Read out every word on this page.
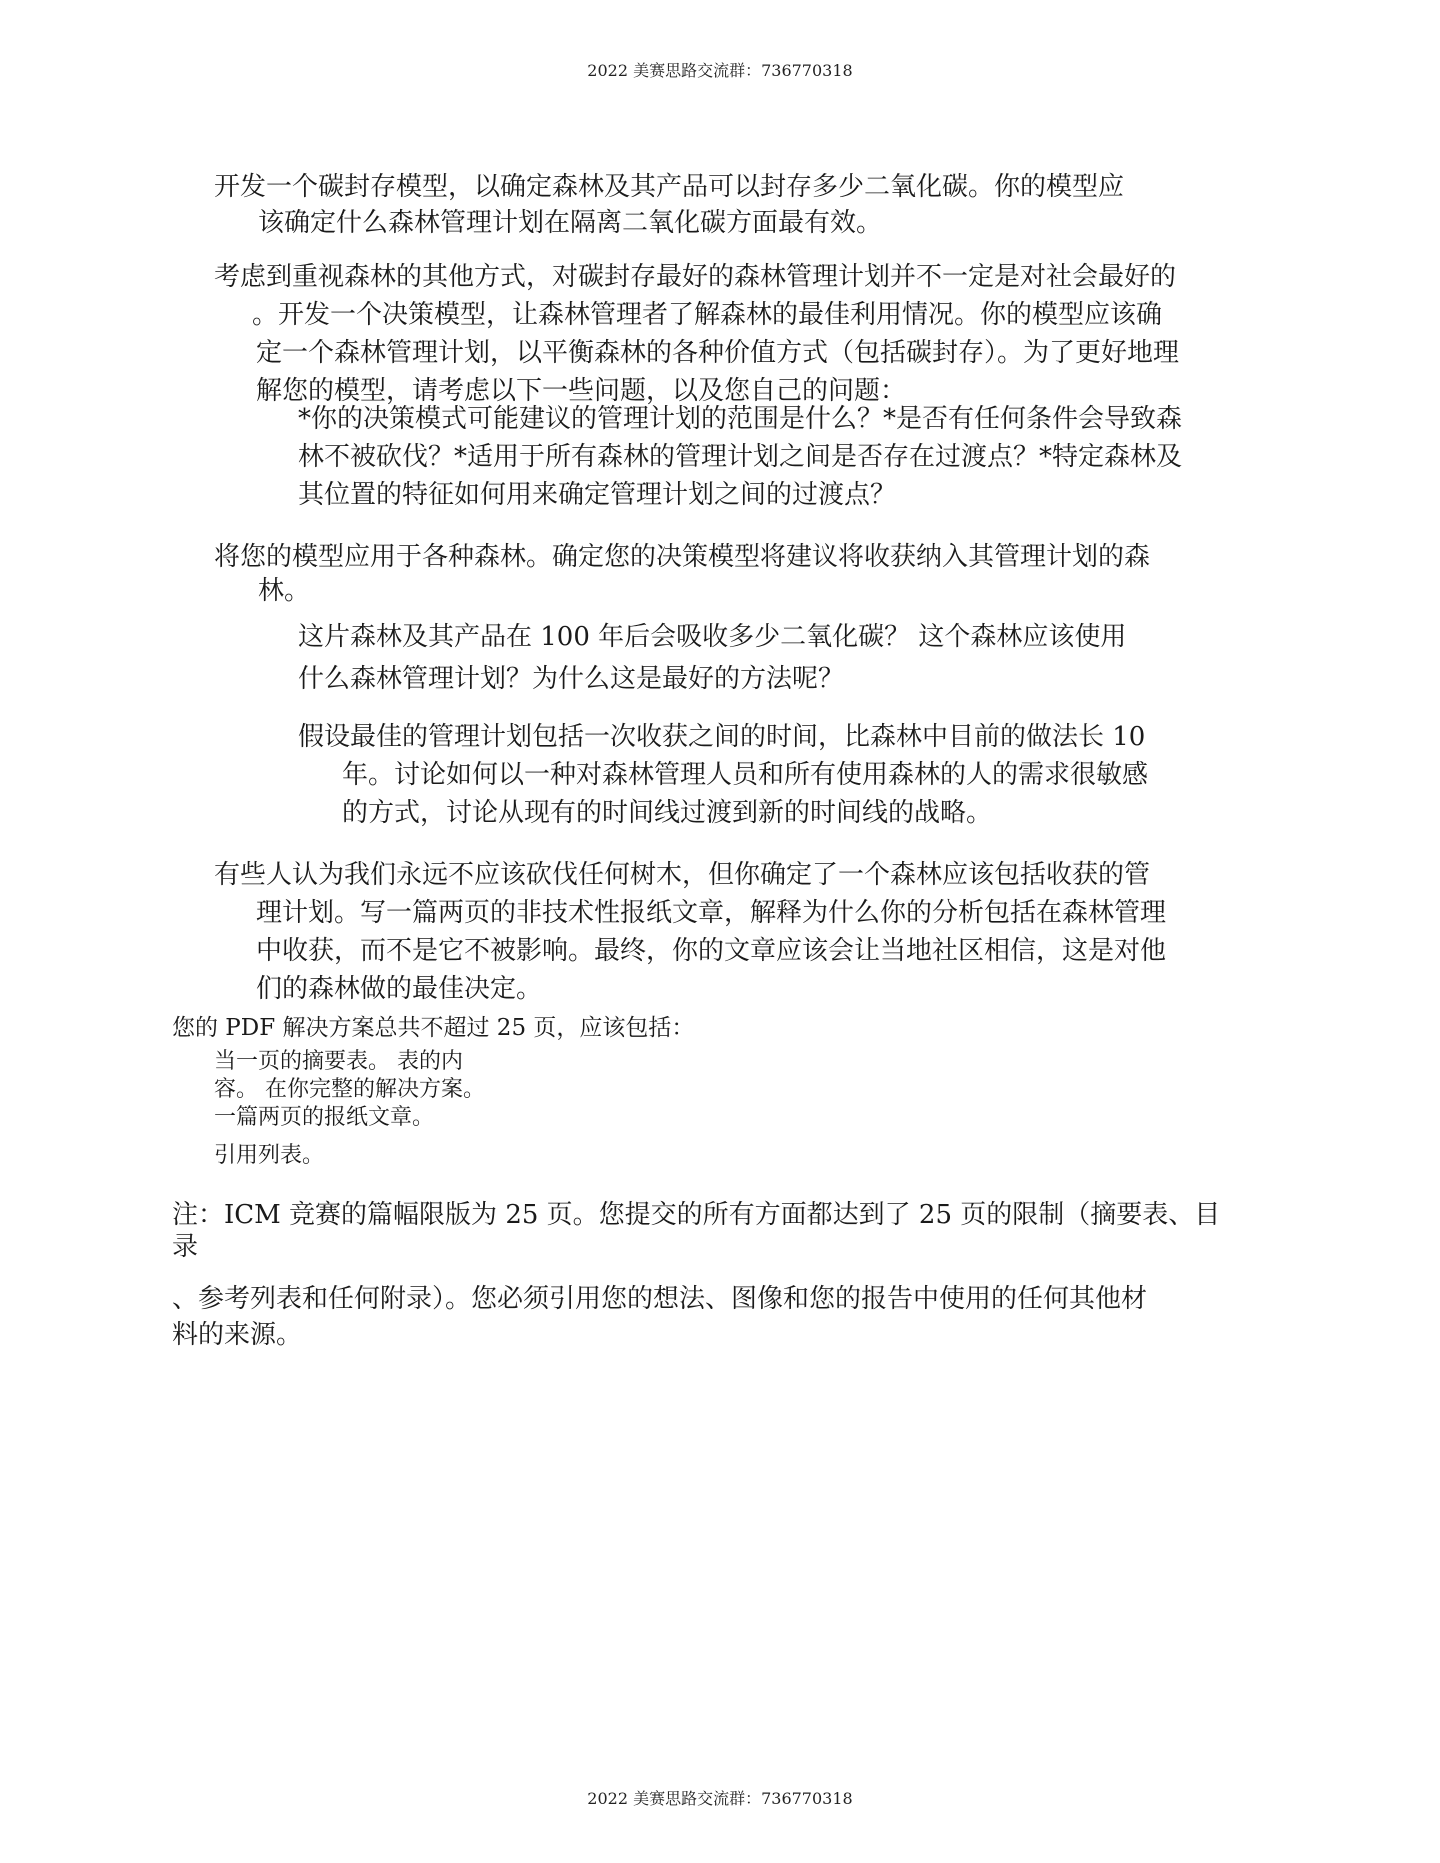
2022 美赛思路交流群：736770318
开发一个碳封存模型，以确定森林及其产品可以封存多少二氧化碳。你的模型应
该确定什么森林管理计划在隔离二氧化碳方面最有效。
考虑到重视森林的其他方式，对碳封存最好的森林管理计划并不一定是对社会最好的
。开发一个决策模型，让森林管理者了解森林的最佳利用情况。你的模型应该确
定一个森林管理计划，以平衡森林的各种价值方式（包括碳封存）。为了更好地理
解您的模型，请考虑以下一些问题，以及您自己的问题：
*你的决策模式可能建议的管理计划的范围是什么？*是否有任何条件会导致森
林不被砍伐？*适用于所有森林的管理计划之间是否存在过渡点？*特定森林及
其位置的特征如何用来确定管理计划之间的过渡点？
将您的模型应用于各种森林。确定您的决策模型将建议将收获纳入其管理计划的森
林。
这片森林及其产品在 100 年后会吸收多少二氧化碳？ 这个森林应该使用
什么森林管理计划？为什么这是最好的方法呢？
假设最佳的管理计划包括一次收获之间的时间，比森林中目前的做法长 10
年。讨论如何以一种对森林管理人员和所有使用森林的人的需求很敏感
的方式，讨论从现有的时间线过渡到新的时间线的战略。
有些人认为我们永远不应该砍伐任何树木，但你确定了一个森林应该包括收获的管
理计划。写一篇两页的非技术性报纸文章，解释为什么你的分析包括在森林管理
中收获，而不是它不被影响。最终，你的文章应该会让当地社区相信，这是对他
们的森林做的最佳决定。
您的 PDF 解决方案总共不超过 25 页，应该包括：
当一页的摘要表。 表的内
容。 在你完整的解决方案。
一篇两页的报纸文章。
引用列表。
注：ICM 竞赛的篇幅限版为 25 页。您提交的所有方面都达到了 25 页的限制（摘要表、目
录
、参考列表和任何附录）。您必须引用您的想法、图像和您的报告中使用的任何其他材
料的来源。
2022 美赛思路交流群：736770318
